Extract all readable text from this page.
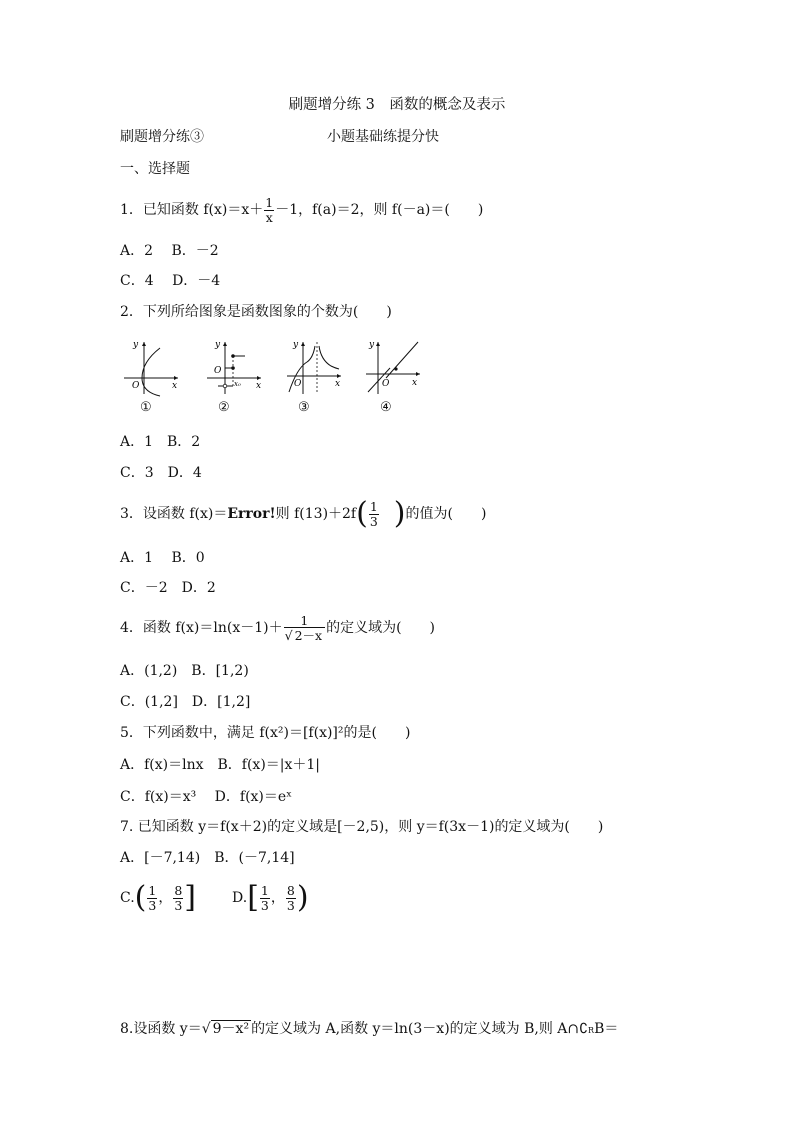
刷题增分练 3　函数的概念及表示
刷题增分练③	小题基础练提分快
一、选择题
1．已知函数 $f(x)=x+ \frac{1}{x} -1$，f(a)＝2，则 f(－a)＝(　　)
A．2　 B．－2
C．4　 D．－4
2．下列所给图象是函数图象的个数为(　　)
y
x
O
①
y
x
O
x₀
②
y
x
O
③
y
x
O
④
A．1　B．2
C．3　D．4
3．设函数 f(x)＝Error!则 $f(13)+2f( \frac{1}{3}$ )的值为(　　)
A．1　 B．0
C．－2　D．2
4．函数 $f(x)=\ln(x-1)+ \frac{1}{√ 2-x}$ 的定义域为(　　)
A．(1,2)　B．[1,2)
C．(1,2]　D．[1,2]
5．下列函数中，满足 f(x²)＝[f(x)]²的是(　　)
A．f(x)＝lnx　B．f(x)＝|x＋1|
C．f(x)＝x³　 D．f(x)＝eˣ
7. 已知函数 y＝f(x＋2)的定义域是[－2,5)，则 y＝f(3x－1)的定义域为(　　)
A．[－7,14)　B．(－7,14]
$C.( \frac{1}{3}$ ， $\frac{8}{3}$ ]	$D.[ \frac{1}{3}$ ， $\frac{8}{3}$ )
8.设函数 y＝√ 9－x² 的定义域为 A,函数 y＝ln(3－x)的定义域为 B,则 A∩∁RB＝
